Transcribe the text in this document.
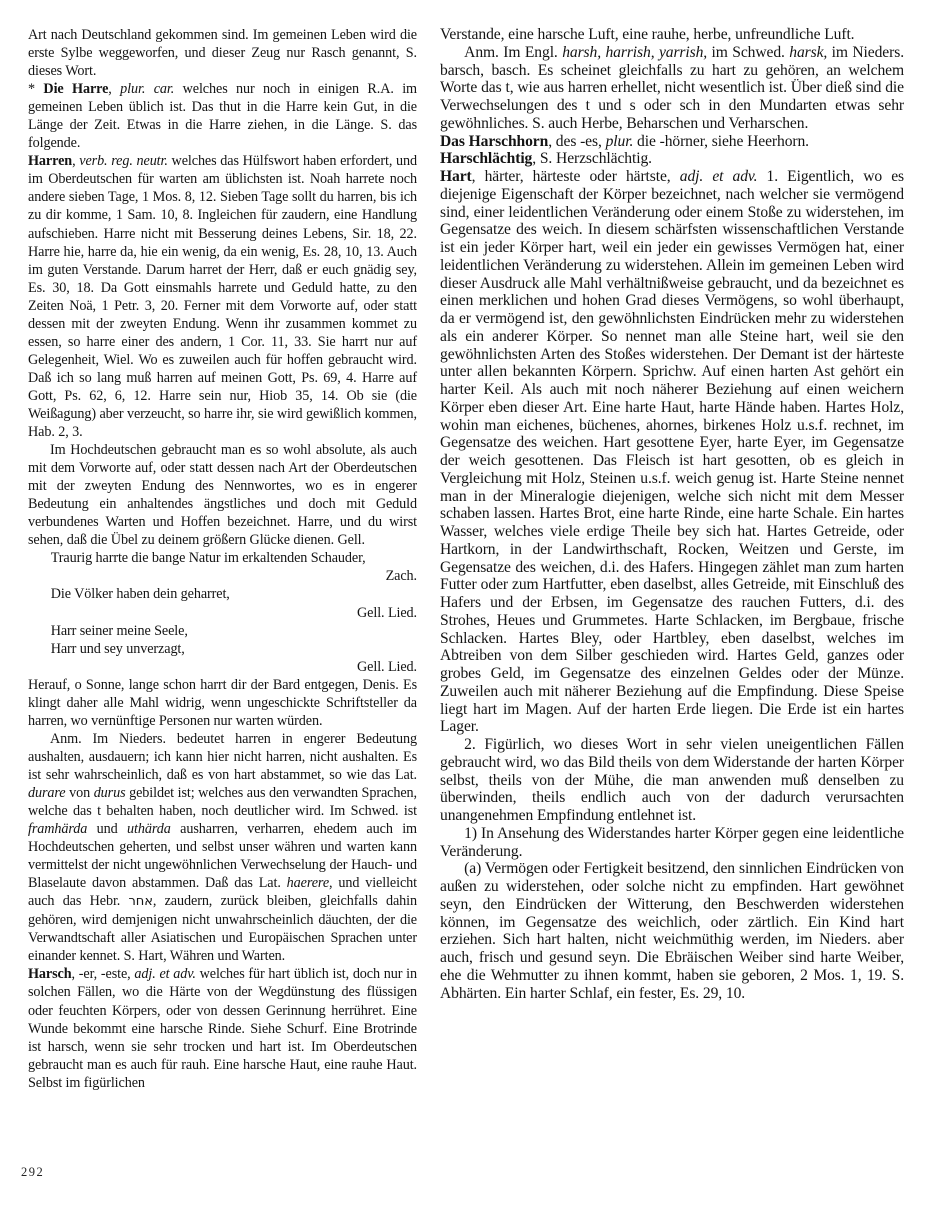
Art nach Deutschland gekommen sind. Im gemeinen Leben wird die erste Sylbe weggeworfen, und dieser Zeug nur Rasch genannt, S. dieses Wort.

* Die Harre, plur. car. welches nur noch in einigen R.A. im gemeinen Leben üblich ist. Das thut in die Harre kein Gut, in die Länge der Zeit. Etwas in die Harre ziehen, in die Länge. S. das folgende.

Harren, verb. reg. neutr. welches das Hülfswort haben erfordert, und im Oberdeutschen für warten am üblichsten ist. Noah harrete noch andere sieben Tage, 1 Mos. 8, 12. Sieben Tage sollt du harren, bis ich zu dir komme, 1 Sam. 10, 8. Ingleichen für zaudern, eine Handlung aufschieben. Harre nicht mit Besserung deines Lebens, Sir. 18, 22. Harre hie, harre da, hie ein wenig, da ein wenig, Es. 28, 10, 13. Auch im guten Verstande. Darum harret der Herr, daß er euch gnädig sey, Es. 30, 18. Da Gott einsmahls harrete und Geduld hatte, zu den Zeiten Noä, 1 Petr. 3, 20. Ferner mit dem Vorworte auf, oder statt dessen mit der zweyten Endung. Wenn ihr zusammen kommet zu essen, so harre einer des andern, 1 Cor. 11, 33. Sie harrt nur auf Gelegenheit, Wiel. Wo es zuweilen auch für hoffen gebraucht wird. Daß ich so lang muß harren auf meinen Gott, Ps. 69, 4. Harre auf Gott, Ps. 62, 6, 12. Harre sein nur, Hiob 35, 14. Ob sie (die Weißagung) aber verzeucht, so harre ihr, sie wird gewißlich kommen, Hab. 2, 3.

Im Hochdeutschen gebraucht man es so wohl absolute, als auch mit dem Vorworte auf, oder statt dessen nach Art der Oberdeutschen mit der zweyten Endung des Nennwortes, wo es in engerer Bedeutung ein anhaltendes ängstliches und doch mit Geduld verbundenes Warten und Hoffen bezeichnet. Harre, und du wirst sehen, daß die Übel zu deinem größern Glücke dienen. Gell.

Traurig harrte die bange Natur im erkaltenden Schauder,

Zach.

Die Völker haben dein geharret,

Gell. Lied.

Harr seiner meine Seele,

Harr und sey unverzagt,

Gell. Lied.

Herauf, o Sonne, lange schon harrt dir der Bard entgegen, Denis. Es klingt daher alle Mahl widrig, wenn ungeschickte Schriftsteller da harren, wo vernünftige Personen nur warten würden.

Anm. Im Nieders. bedeutet harren in engerer Bedeutung aushalten, ausdauern; ich kann hier nicht harren, nicht aushalten. Es ist sehr wahrscheinlich, daß es von hart abstammet, so wie das Lat. durare von durus gebildet ist; welches aus den verwandten Sprachen, welche das t behalten haben, noch deutlicher wird. Im Schwed. ist framhärda und uthärda ausharren, verharren, ehedem auch im Hochdeutschen geherten, und selbst unser währen und warten kann vermittelst der nicht ungewöhnlichen Verwechselung der Hauch- und Blaselaute davon abstammen. Daß das Lat. haerere, und vielleicht auch das Hebr. אחר, zaudern, zurück bleiben, gleichfalls dahin gehören, wird demjenigen nicht unwahrscheinlich däuchten, der die Verwandtschaft aller Asiatischen und Europäischen Sprachen unter einander kennet. S. Hart, Währen und Warten.

Harsch, -er, -este, adj. et adv. welches für hart üblich ist, doch nur in solchen Fällen, wo die Härte von der Wegdünstung des flüssigen oder feuchten Körpers, oder von dessen Gerinnung herrühret. Eine Wunde bekommt eine harsche Rinde. Siehe Schurf. Eine Brotrinde ist harsch, wenn sie sehr trocken und hart ist. Im Oberdeutschen gebraucht man es auch für rauh. Eine harsche Haut, eine rauhe Haut. Selbst im figürlichen

Verstande, eine harsche Luft, eine rauhe, herbe, unfreundliche Luft.

Anm. Im Engl. harsh, harrish, yarrish, im Schwed. harsk, im Nieders. barsch, basch. Es scheinet gleichfalls zu hart zu gehören, an welchem Worte das t, wie aus harren erhellet, nicht wesentlich ist. Über dieß sind die Verwechselungen des t und s oder sch in den Mundarten etwas sehr gewöhnliches. S. auch Herbe, Beharschen und Verharschen.

Das Harschhorn, des -es, plur. die -hörner, siehe Heerhorn.

Harschlächtig, S. Herzschlächtig.

Hart, härter, härteste oder härtste, adj. et adv. 1. Eigentlich, wo es diejenige Eigenschaft der Körper bezeichnet, nach welcher sie vermögend sind, einer leidentlichen Veränderung oder einem Stoße zu widerstehen, im Gegensatze des weich. In diesem schärfsten wissenschaftlichen Verstande ist ein jeder Körper hart, weil ein jeder ein gewisses Vermögen hat, einer leidentlichen Veränderung zu widerstehen. Allein im gemeinen Leben wird dieser Ausdruck alle Mahl verhältnißweise gebraucht, und da bezeichnet es einen merklichen und hohen Grad dieses Vermögens, so wohl überhaupt, da er vermögend ist, den gewöhnlichsten Eindrücken mehr zu widerstehen als ein anderer Körper. So nennet man alle Steine hart, weil sie den gewöhnlichsten Arten des Stoßes widerstehen. Der Demant ist der härteste unter allen bekannten Körpern. Sprichw. Auf einen harten Ast gehört ein harter Keil. Als auch mit noch näherer Beziehung auf einen weichern Körper eben dieser Art. Eine harte Haut, harte Hände haben. Hartes Holz, wohin man eichenes, büchenes, ahornes, birkenes Holz u.s.f. rechnet, im Gegensatze des weichen. Hart gesottene Eyer, harte Eyer, im Gegensatze der weich gesottenen. Das Fleisch ist hart gesotten, ob es gleich in Vergleichung mit Holz, Steinen u.s.f. weich genug ist. Harte Steine nennet man in der Mineralogie diejenigen, welche sich nicht mit dem Messer schaben lassen. Hartes Brot, eine harte Rinde, eine harte Schale. Ein hartes Wasser, welches viele erdige Theile bey sich hat. Hartes Getreide, oder Hartkorn, in der Landwirthschaft, Rocken, Weitzen und Gerste, im Gegensatze des weichen, d.i. des Hafers. Hingegen zählet man zum harten Futter oder zum Hartfutter, eben daselbst, alles Getreide, mit Einschluß des Hafers und der Erbsen, im Gegensatze des rauchen Futters, d.i. des Strohes, Heues und Grummetes. Harte Schlacken, im Bergbaue, frische Schlacken. Hartes Bley, oder Hartbley, eben daselbst, welches im Abtreiben von dem Silber geschieden wird. Hartes Geld, ganzes oder grobes Geld, im Gegensatze des einzelnen Geldes oder der Münze. Zuweilen auch mit näherer Beziehung auf die Empfindung. Diese Speise liegt hart im Magen. Auf der harten Erde liegen. Die Erde ist ein hartes Lager.

2. Figürlich, wo dieses Wort in sehr vielen uneigentlichen Fällen gebraucht wird, wo das Bild theils von dem Widerstande der harten Körper selbst, theils von der Mühe, die man anwenden muß denselben zu überwinden, theils endlich auch von der dadurch verursachten unangenehmen Empfindung entlehnet ist.

1) In Ansehung des Widerstandes harter Körper gegen eine leidentliche Veränderung.

(a) Vermögen oder Fertigkeit besitzend, den sinnlichen Eindrücken von außen zu widerstehen, oder solche nicht zu empfinden. Hart gewöhnet seyn, den Eindrücken der Witterung, den Beschwerden widerstehen können, im Gegensatze des weichlich, oder zärtlich. Ein Kind hart erziehen. Sich hart halten, nicht weichmüthig werden, im Nieders. aber auch, frisch und gesund seyn. Die Ebräischen Weiber sind harte Weiber, ehe die Wehmutter zu ihnen kommt, haben sie geboren, 2 Mos. 1, 19. S. Abhärten. Ein harter Schlaf, ein fester, Es. 29, 10.

292
